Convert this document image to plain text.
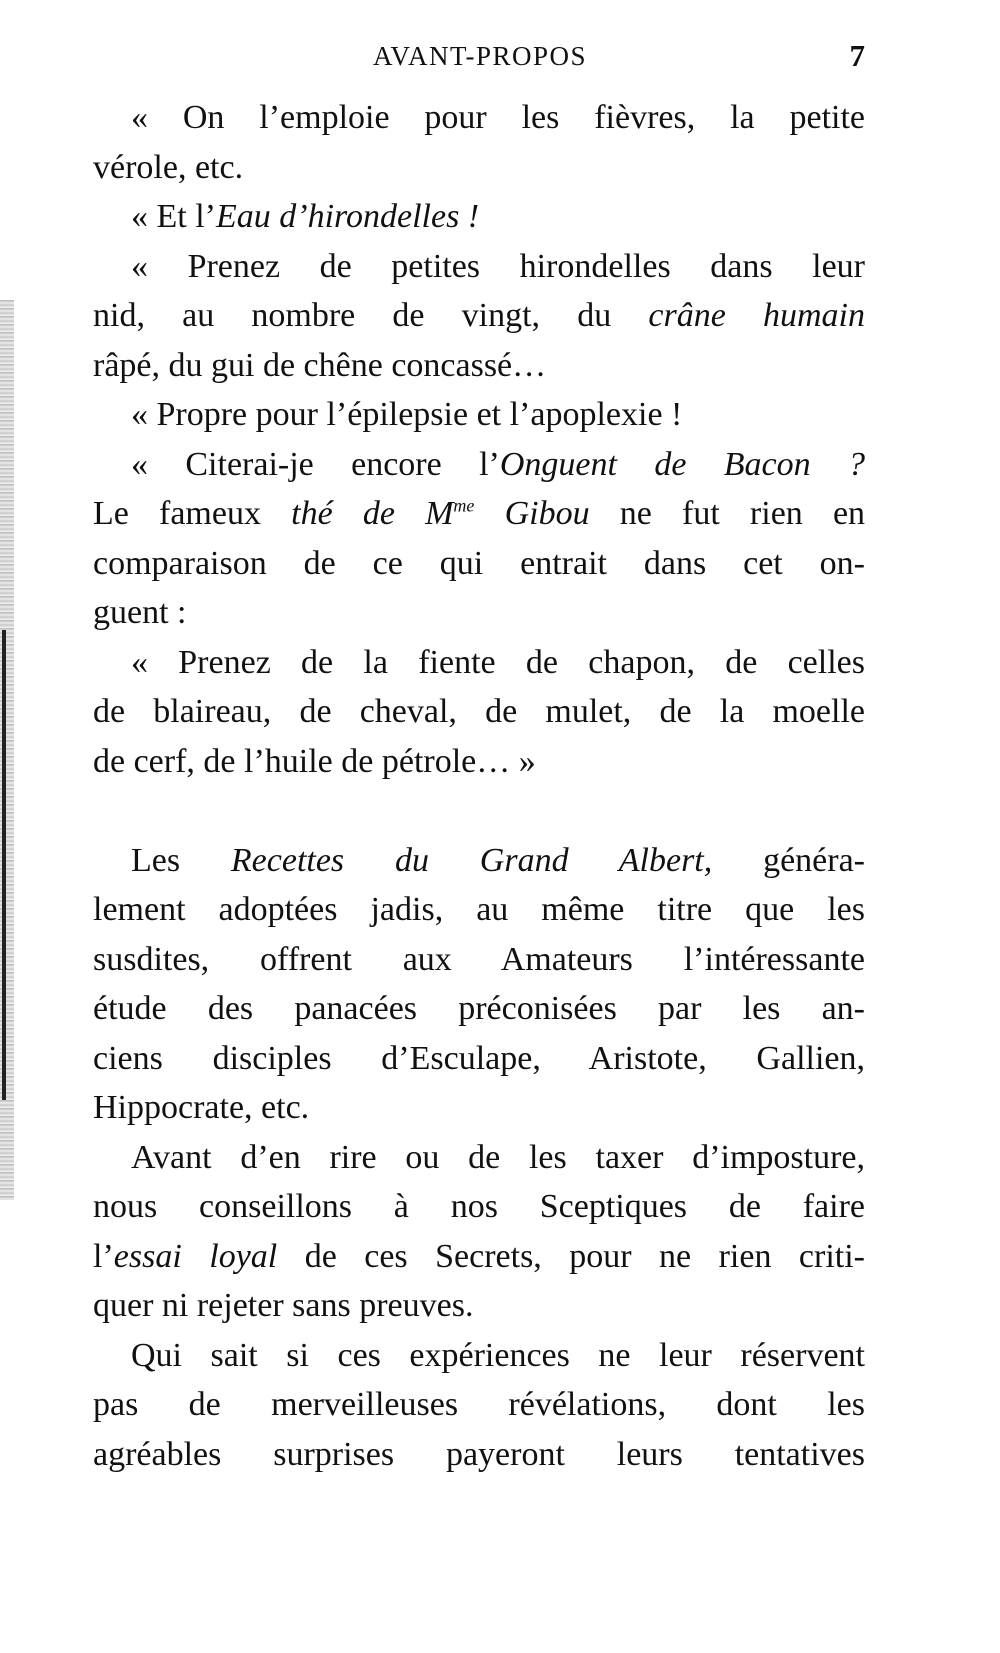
AVANT-PROPOS	7
« On l’emploie pour les fièvres, la petite
vérole, etc.
« Et l’Eau d’hirondelles !
« Prenez de petites hirondelles dans leur
nid, au nombre de vingt, du crâne humain
râpé, du gui de chêne concassé…
« Propre pour l’épilepsie et l’apoplexie !
« Citerai-je encore l’Onguent de Bacon ?
Le fameux thé de $M^{me}$ Gibou ne fut rien en
comparaison de ce qui entrait dans cet on-
guent :
« Prenez de la fiente de chapon, de celles
de blaireau, de cheval, de mulet, de la moelle
de cerf, de l’huile de pétrole… »
Les Recettes du Grand Albert, généra-
lement adoptées jadis, au même titre que les
susdites, offrent aux Amateurs l’intéressante
étude des panacées préconisées par les an-
ciens disciples d’Esculape, Aristote, Gallien,
Hippocrate, etc.
Avant d’en rire ou de les taxer d’imposture,
nous conseillons à nos Sceptiques de faire
l’essai loyal de ces Secrets, pour ne rien criti-
quer ni rejeter sans preuves.
Qui sait si ces expériences ne leur réservent
pas de merveilleuses révélations, dont les
agréables surprises payeront leurs tentatives
